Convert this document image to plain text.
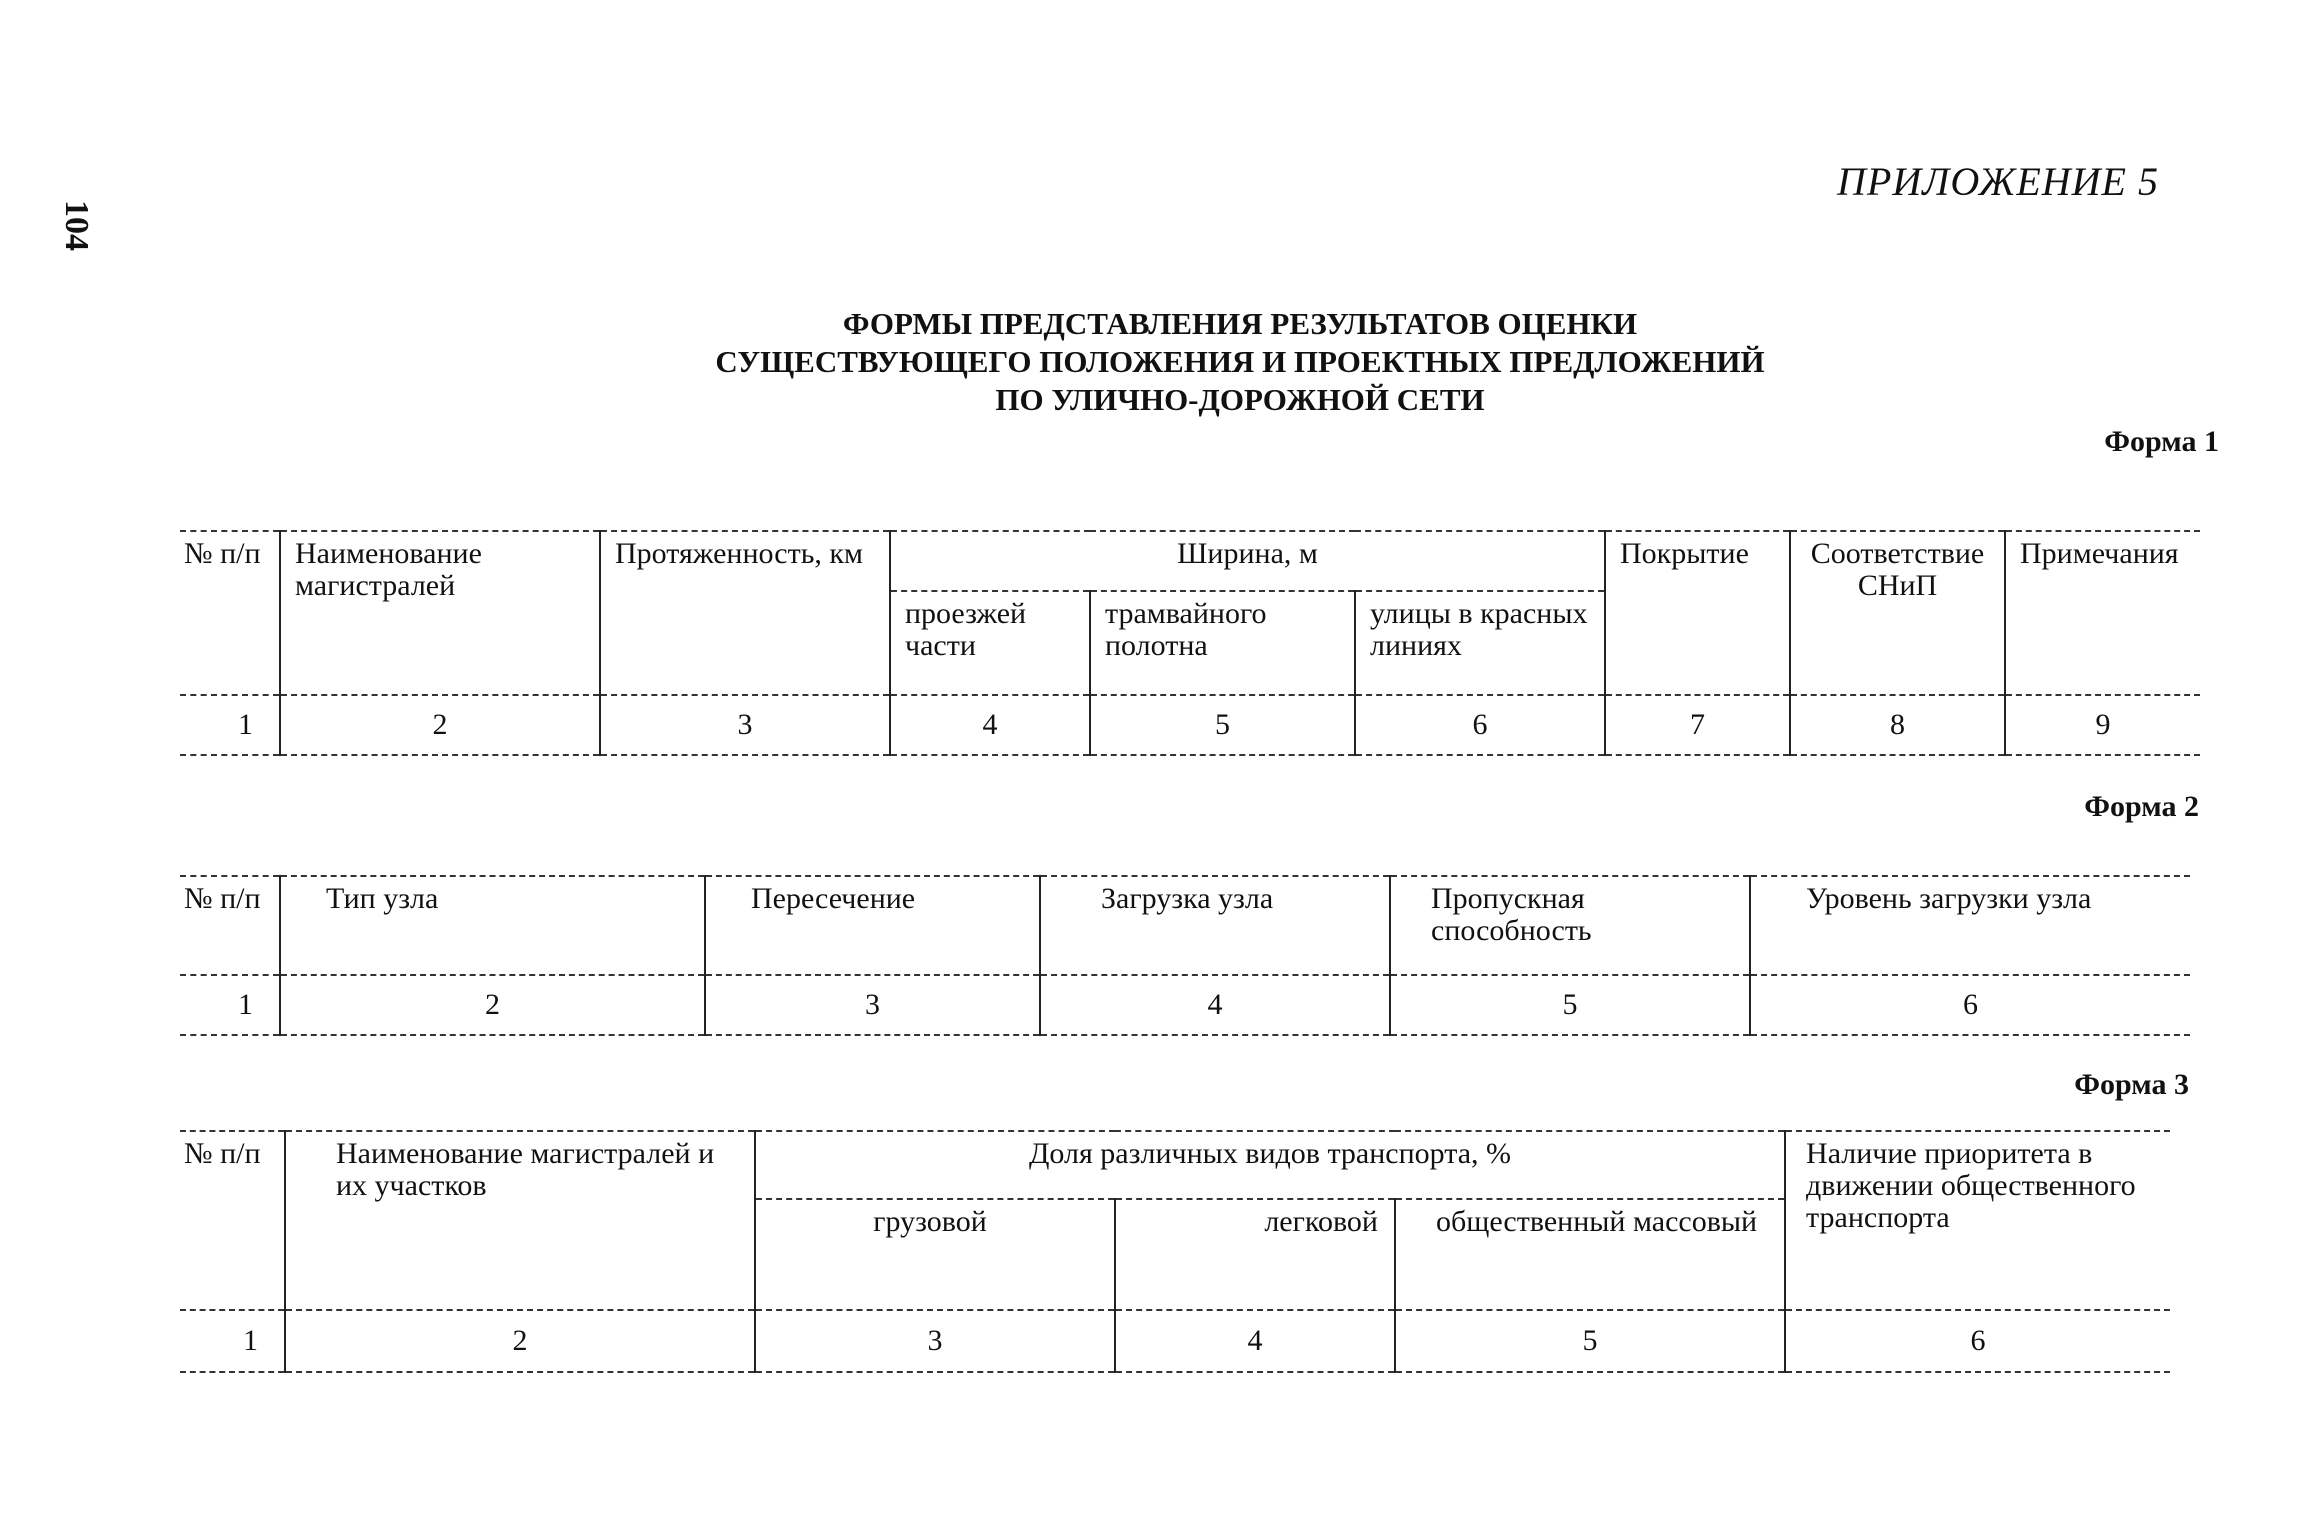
104
ПРИЛОЖЕНИЕ 5
ФОРМЫ ПРЕДСТАВЛЕНИЯ РЕЗУЛЬТАТОВ ОЦЕНКИ
СУЩЕСТВУЮЩЕГО ПОЛОЖЕНИЯ И ПРОЕКТНЫХ ПРЕДЛОЖЕНИЙ
ПО УЛИЧНО-ДОРОЖНОЙ СЕТИ
Форма 1
№ п/п	Наименование магистралей	Протяженность, км	Ширина, м			Покрытие	Соответствие СНиП	Примечания
			проезжей части	трамвайного полотна	улицы в красных линиях			
1	2	3	4	5	6	7	8	9
Форма 2
№ п/п	Тип узла	Пересечение	Загрузка узла	Пропускная способность	Уровень загрузки узла
1	2	3	4	5	6
Форма 3
№ п/п	Наименование магистралей и их участков	Доля различных видов транспорта, %			Наличие приоритета в движении общественного транспорта
		грузовой	легковой	общественный массовый	
1	2	3	4	5	6
